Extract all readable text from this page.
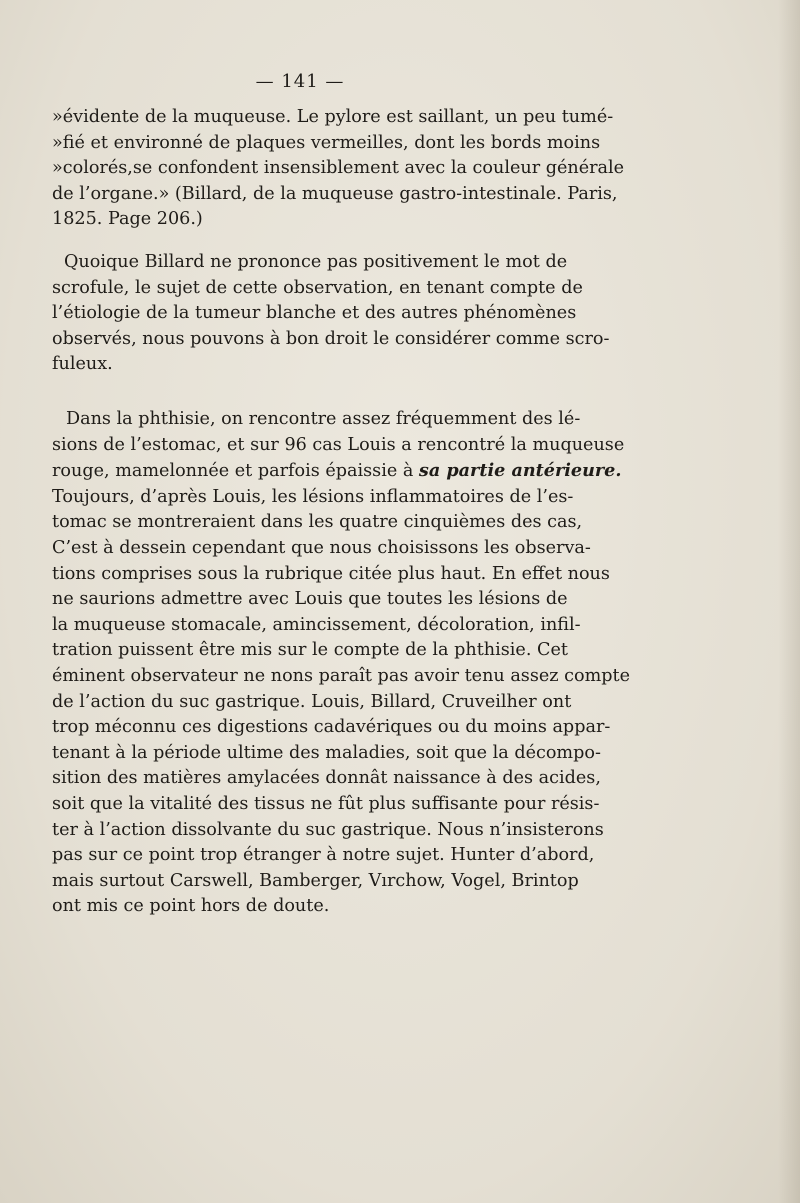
— 141 —
»évidente de la muqueuse. Le pylore est saillant, un peu tumé-
»fié et environné de plaques vermeilles, dont les bords moins
»colorés,se confondent insensiblement avec la couleur générale
de l’organe.» (Billard, de la muqueuse gastro-intestinale. Paris,
1825. Page 206.)
Quoique Billard ne prononce pas positivement le mot de
scrofule, le sujet de cette observation, en tenant compte de
l’étiologie de la tumeur blanche et des autres phénomènes
observés, nous pouvons à bon droit le considérer comme scro-
fuleux.
Dans la phthisie, on rencontre assez fréquemment des lé-
sions de l’estomac, et sur 96 cas Louis a rencontré la muqueuse
rouge, mamelonnée et parfois épaissie à sa partie antérieure.
Toujours, d’après Louis, les lésions inflammatoires de l’es-
tomac se montreraient dans les quatre cinquièmes des cas,
C’est à dessein cependant que nous choisissons les observa-
tions comprises sous la rubrique citée plus haut. En effet nous
ne saurions admettre avec Louis que toutes les lésions de
la muqueuse stomacale, amincissement, décoloration, infil-
tration puissent être mis sur le compte de la phthisie. Cet
éminent observateur ne nons paraît pas avoir tenu assez compte
de l’action du suc gastrique. Louis, Billard, Cruveilher ont
trop méconnu ces digestions cadavériques ou du moins appar-
tenant à la période ultime des maladies, soit que la décompo-
sition des matières amylacées donnât naissance à des acides,
soit que la vitalité des tissus ne fût plus suffisante pour résis-
ter à l’action dissolvante du suc gastrique. Nous n’insisterons
pas sur ce point trop étranger à notre sujet. Hunter d’abord,
mais surtout Carswell, Bamberger, Vırchow, Vogel, Brintop
ont mis ce point hors de doute.
